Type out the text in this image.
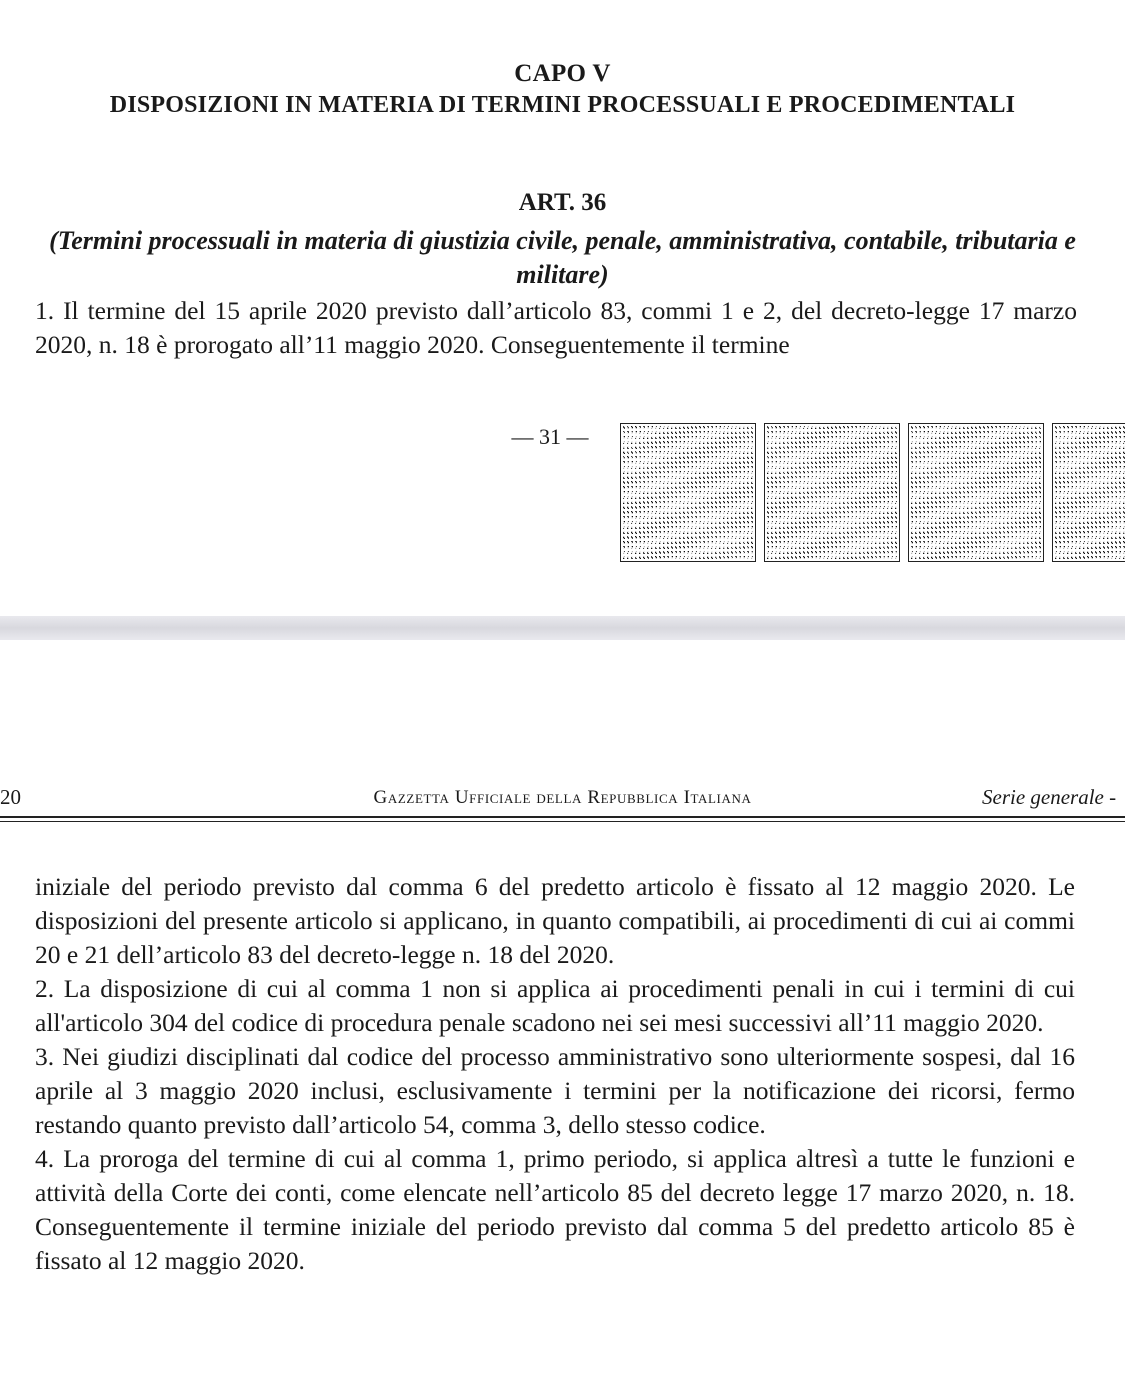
CAPO V
DISPOSIZIONI IN MATERIA DI TERMINI PROCESSUALI E PROCEDIMENTALI
ART. 36
(Termini processuali in materia di giustizia civile, penale, amministrativa, contabile, tributaria e militare)
1. Il termine del 15 aprile 2020 previsto dall’articolo 83, commi 1 e 2, del decreto-legge 17 marzo 2020, n. 18 è prorogato all’11 maggio 2020. Conseguentemente il termine
— 31 —
20	Gazzetta Ufficiale della Repubblica Italiana	Serie generale -

iniziale del periodo previsto dal comma 6 del predetto articolo è fissato al 12 maggio 2020. Le disposizioni del presente articolo si applicano, in quanto compatibili, ai procedimenti di cui ai commi 20 e 21 dell’articolo 83 del decreto-legge n. 18 del 2020.

2. La disposizione di cui al comma 1 non si applica ai procedimenti penali in cui i termini di cui all'articolo 304 del codice di procedura penale scadono nei sei mesi successivi all’11 maggio 2020.

3. Nei giudizi disciplinati dal codice del processo amministrativo sono ulteriormente sospesi, dal 16 aprile al 3 maggio 2020 inclusi, esclusivamente i termini per la notificazione dei ricorsi, fermo restando quanto previsto dall’articolo 54, comma 3, dello stesso codice.

4. La proroga del termine di cui al comma 1, primo periodo, si applica altresì a tutte le funzioni e attività della Corte dei conti, come elencate nell’articolo 85 del decreto legge 17 marzo 2020, n. 18. Conseguentemente il termine iniziale del periodo previsto dal comma 5 del predetto articolo 85 è fissato al 12 maggio 2020.
